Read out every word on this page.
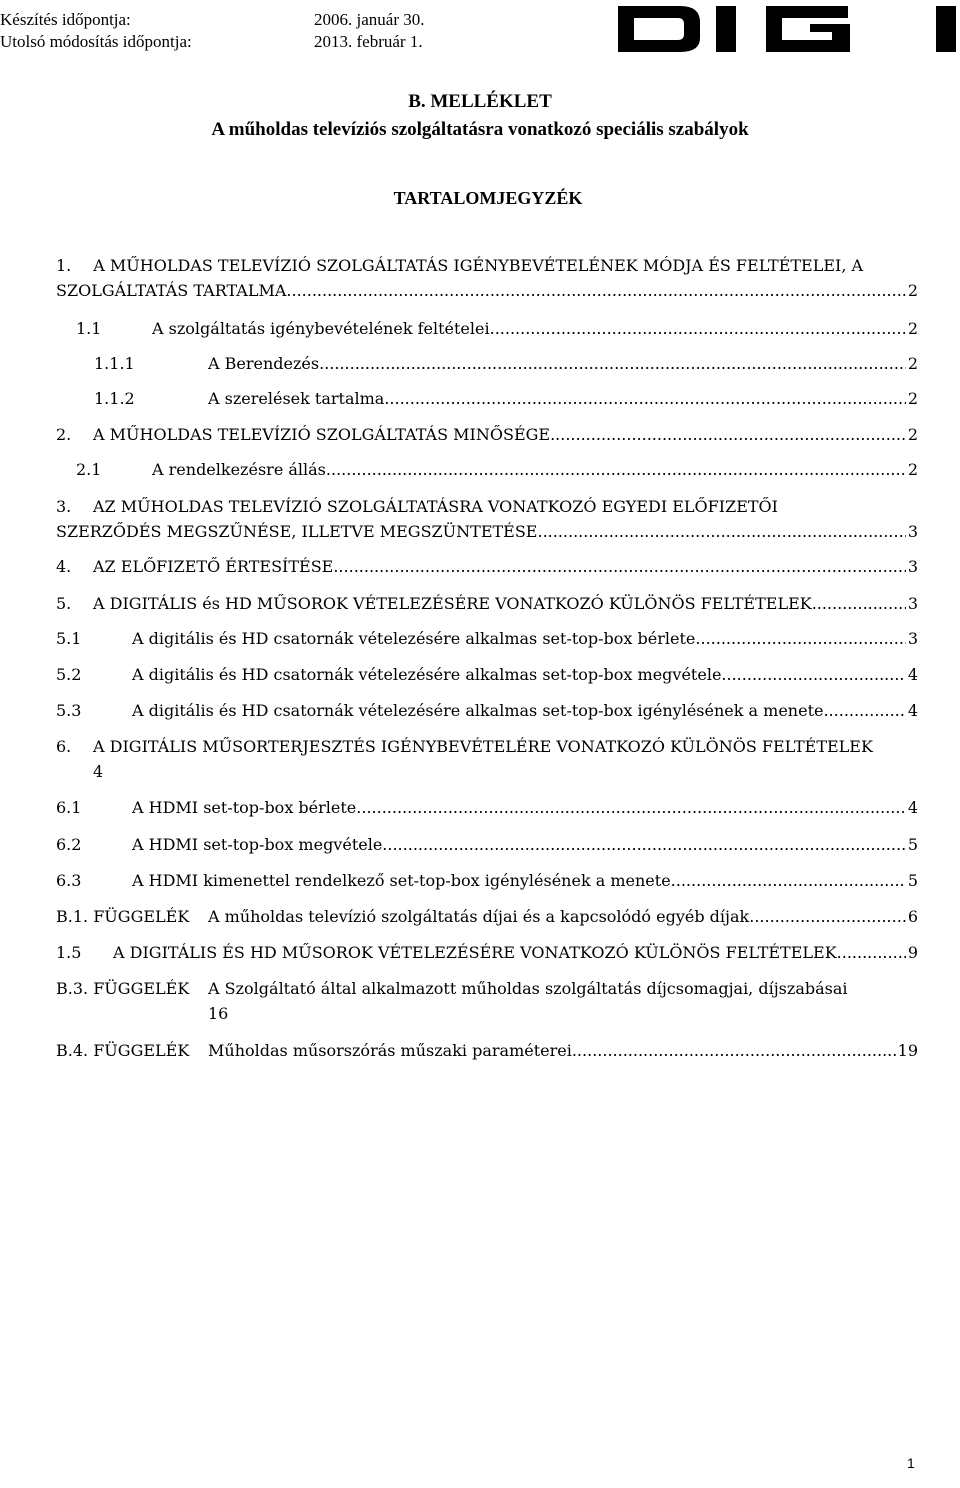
Készítés időpontja:	2006. január 30.
Utolsó módosítás időpontja:	2013. február 1.
B. MELLÉKLET
A műholdas televíziós szolgáltatásra vonatkozó speciális szabályok
TARTALOMJEGYZÉK
1. A MŰHOLDAS TELEVÍZIÓ SZOLGÁLTATÁS IGÉNYBEVÉTELÉNEK MÓDJA ÉS FELTÉTELEI, A
SZOLGÁLTATÁS TARTALMA .....	2
1.1	A szolgáltatás igénybevételének feltételei .....	2
1.1.1	A Berendezés .....	2
1.1.2	A szerelések tartalma .....	2
2.	A MŰHOLDAS TELEVÍZIÓ SZOLGÁLTATÁS MINŐSÉGE .....	2
2.1	A rendelkezésre állás .....	2
3.	AZ MŰHOLDAS TELEVÍZIÓ SZOLGÁLTATÁSRA VONATKOZÓ EGYEDI ELŐFIZETŐI
SZERZŐDÉS MEGSZŰNÉSE, ILLETVE MEGSZÜNTETÉSE .....	3
4.	AZ ELŐFIZETŐ ÉRTESÍTÉSE .....	3
5.	A DIGITÁLIS és HD MŰSOROK VÉTELEZÉSÉRE VONATKOZÓ KÜLÖNÖS FELTÉTELEK .....	3
5.1	A digitális és HD csatornák vételezésére alkalmas set-top-box bérlete .....	3
5.2	A digitális és HD csatornák vételezésére alkalmas set-top-box megvétele .....	4
5.3	A digitális és HD csatornák vételezésére alkalmas set-top-box igénylésének a menete .....	4
6.	A DIGITÁLIS MŰSORTERJESZTÉS IGÉNYBEVÉTELÉRE VONATKOZÓ KÜLÖNÖS FELTÉTELEK
4
6.1	A HDMI set-top-box bérlete .....	4
6.2	A HDMI set-top-box megvétele .....	5
6.3	A HDMI kimenettel rendelkező set-top-box igénylésének a menete .....	5
B.1. FÜGGELÉK	A műholdas televízió szolgáltatás díjai és a kapcsolódó egyéb díjak .....	6
1.5	A DIGITÁLIS ÉS HD MŰSOROK VÉTELEZÉSÉRE VONATKOZÓ KÜLÖNÖS FELTÉTELEK .....	9
B.3. FÜGGELÉK	A Szolgáltató által alkalmazott műholdas szolgáltatás díjcsomagjai, díjszabásai
16
B.4. FÜGGELÉK	Műholdas műsorszórás műszaki paraméterei .....	19
1
